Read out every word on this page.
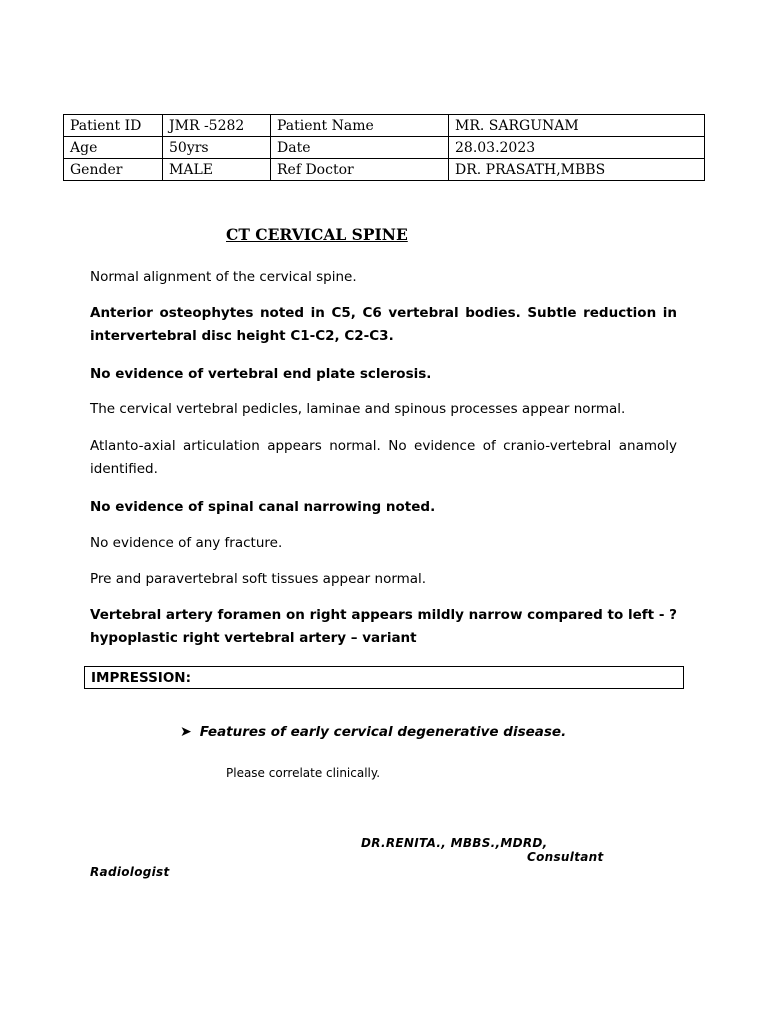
Patient ID	JMR -5282	Patient Name	MR. SARGUNAM
Age	50yrs	Date	28.03.2023
Gender	MALE	Ref Doctor	DR. PRASATH,MBBS
CT CERVICAL SPINE

Normal alignment of the cervical spine.

Anterior osteophytes noted in C5, C6 vertebral bodies. Subtle reduction in intervertebral disc height C1-C2, C2-C3.

No evidence of vertebral end plate sclerosis.

The cervical vertebral pedicles, laminae and spinous processes appear normal.

Atlanto-axial articulation appears normal. No evidence of cranio-vertebral anamoly identified.

No evidence of spinal canal narrowing noted.

No evidence of any fracture.

Pre and paravertebral soft tissues appear normal.

Vertebral artery foramen on right appears mildly narrow compared to left - ? hypoplastic right vertebral artery – variant

IMPRESSION:
➤ Features of early cervical degenerative disease.

Please correlate clinically.

DR.RENITA., MBBS.,MDRD,

Consultant

Radiologist
